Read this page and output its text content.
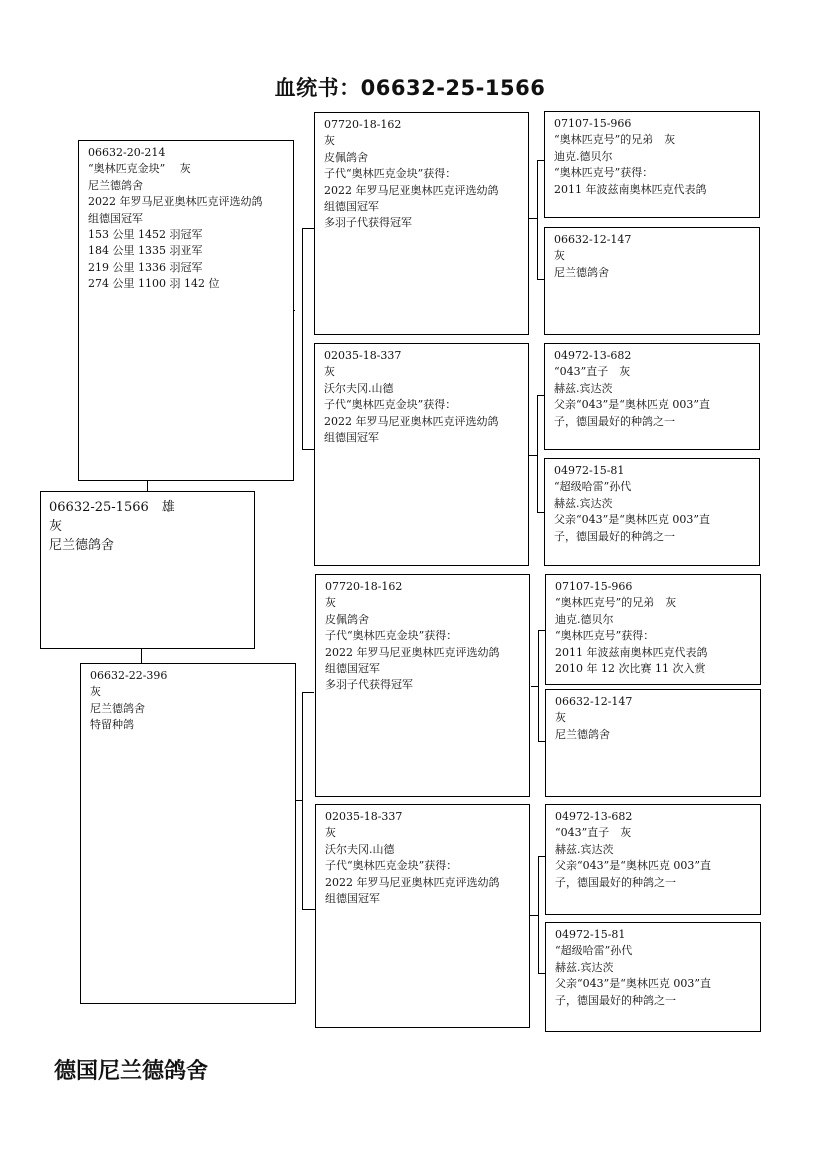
血统书：06632-25-1566
06632-20-214
“奥林匹克金块”　 灰
尼兰德鸽舍
2022 年罗马尼亚奥林匹克评选幼鸽
组德国冠军
153 公里 1452 羽冠军
184 公里 1335 羽亚军
219 公里 1336 羽冠军
274 公里 1100 羽 142 位
06632-25-1566　雄
灰
尼兰德鸽舍
06632-22-396
灰
尼兰德鸽舍
特留种鸽
07720-18-162
灰
皮佩鸽舍
子代“奥林匹克金块”获得：
2022 年罗马尼亚奥林匹克评选幼鸽
组德国冠军
多羽子代获得冠军
02035-18-337
灰
沃尔夫冈.山德
子代“奥林匹克金块”获得：
2022 年罗马尼亚奥林匹克评选幼鸽
组德国冠军
07720-18-162
灰
皮佩鸽舍
子代“奥林匹克金块”获得：
2022 年罗马尼亚奥林匹克评选幼鸽
组德国冠军
多羽子代获得冠军
02035-18-337
灰
沃尔夫冈.山德
子代“奥林匹克金块”获得：
2022 年罗马尼亚奥林匹克评选幼鸽
组德国冠军
07107-15-966
“奥林匹克号”的兄弟　灰
迪克.德贝尔
“奥林匹克号”获得：
2011 年波兹南奥林匹克代表鸽
06632-12-147
灰
尼兰德鸽舍
04972-13-682
“043”直子　灰
赫兹.宾达茨
父亲“043”是“奥林匹克 003”直
子，德国最好的种鸽之一
04972-15-81
“超级哈雷”孙代
赫兹.宾达茨
父亲“043”是“奥林匹克 003”直
子，德国最好的种鸽之一
07107-15-966
“奥林匹克号”的兄弟　灰
迪克.德贝尔
“奥林匹克号”获得：
2011 年波兹南奥林匹克代表鸽
2010 年 12 次比赛 11 次入赏
06632-12-147
灰
尼兰德鸽舍
04972-13-682
“043”直子　灰
赫兹.宾达茨
父亲“043”是“奥林匹克 003”直
子，德国最好的种鸽之一
04972-15-81
“超级哈雷”孙代
赫兹.宾达茨
父亲“043”是“奥林匹克 003”直
子，德国最好的种鸽之一
德国尼兰德鸽舍
